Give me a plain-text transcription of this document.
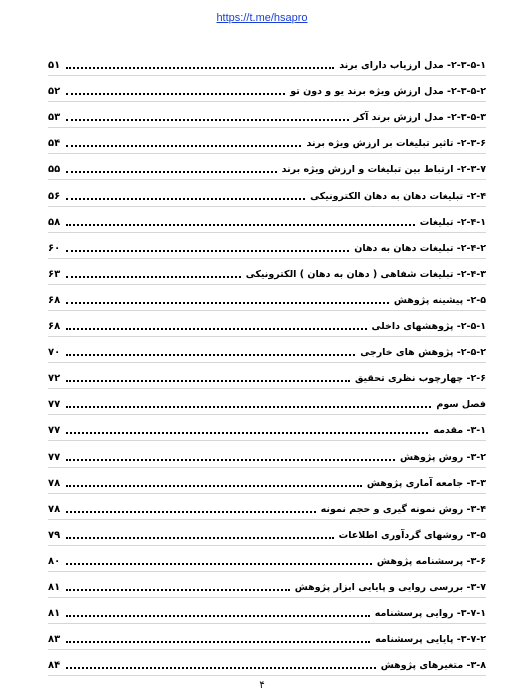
https://t.me/hsapro
۲-۳-۵-۱- مدل ارزیاب دارای برند
۵۱
۲-۳-۵-۲- مدل ارزش ویژه برند یو و دون تو
۵۲
۲-۳-۵-۳- مدل ارزش برند آکر
۵۳
۲-۳-۶- تاثیر تبلیغات بر ارزش ویژه برند
۵۴
۲-۳-۷- ارتباط بین تبلیغات و ارزش ویژه برند
۵۵
۲-۴- تبلیغات دهان به دهان الکترونیکی
۵۶
۲-۴-۱- تبلیغات
۵۸
۲-۴-۲- تبلیغات دهان به دهان
۶۰
۲-۴-۳- تبلیغات شفاهی ( دهان به دهان ) الکترونیکی
۶۳
۲-۵- پیشینه پژوهش
۶۸
۲-۵-۱- پژوهشهای داخلی
۶۸
۲-۵-۲- پژوهش های خارجی
۷۰
۲-۶- چهارچوب نظری تحقیق
۷۲
فصل سوم
۷۷
۳-۱- مقدمه
۷۷
۳-۲- روش پژوهش
۷۷
۳-۳- جامعه آماری پژوهش
۷۸
۳-۴- روش نمونه گیری و حجم نمونه
۷۸
۳-۵- روشهای گردآوری اطلاعات
۷۹
۳-۶- پرسشنامه پژوهش
۸۰
۳-۷- بررسی روایی و پایایی ابزار پژوهش
۸۱
۳-۷-۱- روایی پرسشنامه
۸۱
۳-۷-۲- پایایی پرسشنامه
۸۳
۳-۸- متغیرهای پژوهش
۸۴
۴
